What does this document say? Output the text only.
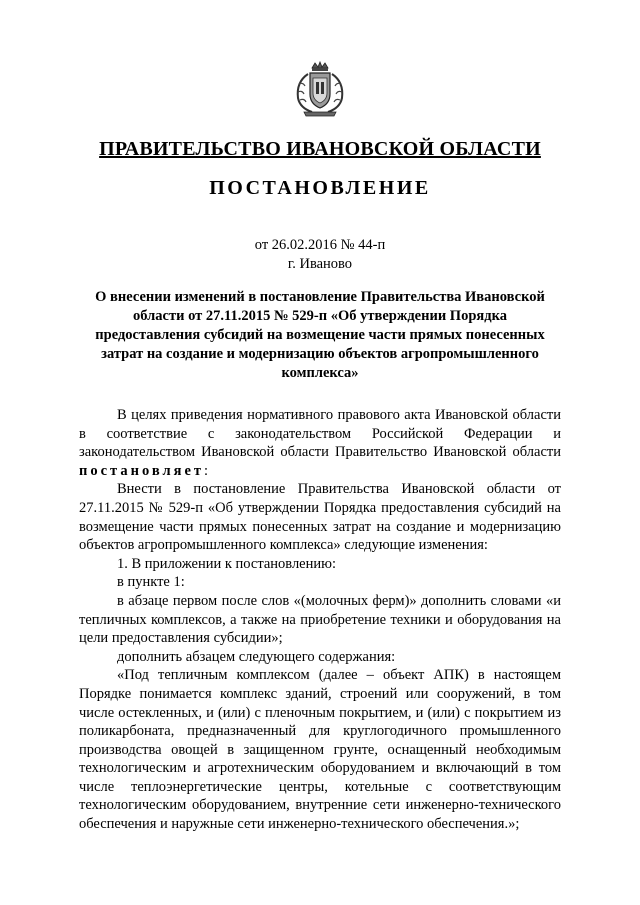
ПРАВИТЕЛЬСТВО ИВАНОВСКОЙ ОБЛАСТИ
ПОСТАНОВЛЕНИЕ
от 26.02.2016 № 44-п
г. Иваново
О внесении изменений в постановление Правительства Ивановской области от 27.11.2015 № 529-п «Об утверждении Порядка предоставления субсидий на возмещение части прямых понесенных затрат на создание и модернизацию объектов агропромышленного комплекса»

В целях приведения нормативного правового акта Ивановской области в соответствие с законодательством Российской Федерации и законодательством Ивановской области Правительство Ивановской области постановляет:

Внести в постановление Правительства Ивановской области от 27.11.2015 № 529-п «Об утверждении Порядка предоставления субсидий на возмещение части прямых понесенных затрат на создание и модернизацию объектов агропромышленного комплекса» следующие изменения:

1. В приложении к постановлению:

в пункте 1:

в абзаце первом после слов «(молочных ферм)» дополнить словами «и тепличных комплексов, а также на приобретение техники и оборудования на цели предоставления субсидии»;

дополнить абзацем следующего содержания:

«Под тепличным комплексом (далее – объект АПК) в настоящем Порядке понимается комплекс зданий, строений или сооружений, в том числе остекленных, и (или) с пленочным покрытием, и (или) с покрытием из поликарбоната, предназначенный для круглогодичного промышленного производства овощей в защищенном грунте, оснащенный необходимым технологическим и агротехническим оборудованием и включающий в том числе теплоэнергетические центры, котельные с соответствующим технологическим оборудованием, внутренние сети инженерно-технического обеспечения и наружные сети инженерно-технического обеспечения.»;
